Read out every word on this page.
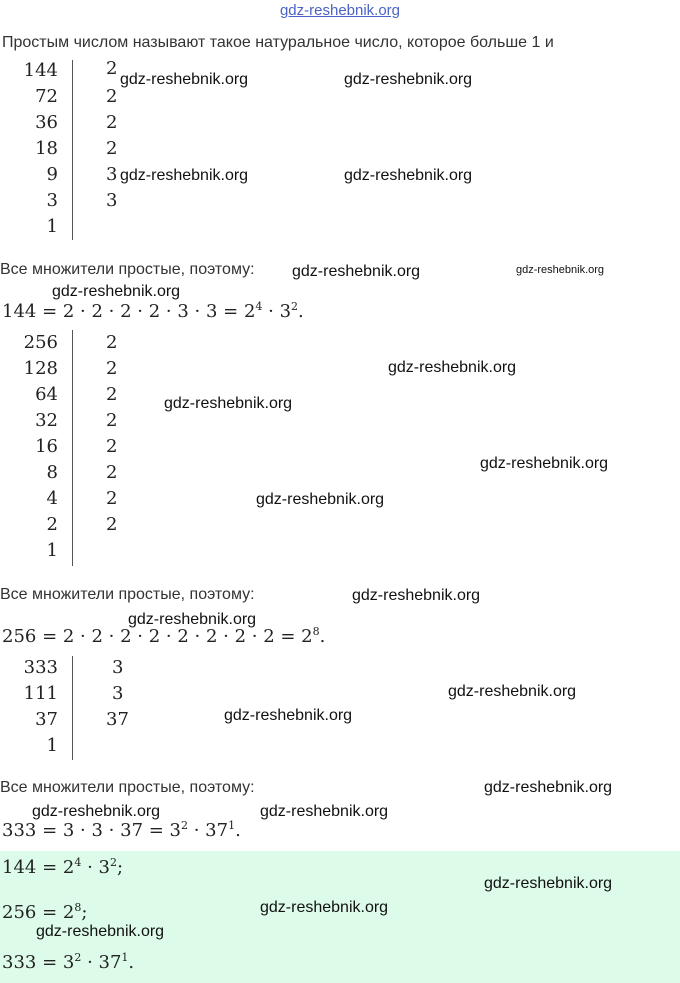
gdz-reshebnik.org
Простым числом называют такое натуральное число, которое больше 1 и
144	2
72	2
36	2
18	2
9	3
3	3
1
Все множители простые, поэтому:
$144 = 2 \cdot 2 \cdot 2 \cdot 2 \cdot 3 \cdot 3 = 2^4 \cdot 3^2$.
256	2
128	2
64	2
32	2
16	2
8	2
4	2
2	2
1
Все множители простые, поэтому:
$256 = 2 \cdot 2 \cdot 2 \cdot 2 \cdot 2 \cdot 2 \cdot 2 \cdot 2 = 2^8$.
333	3
111	3
37	37
1
Все множители простые, поэтому:
$333 = 3 \cdot 3 \cdot 37 = 3^2 \cdot 37^1$.
$144 = 2^4 \cdot 3^2$;
$256 = 2^8$;
$333 = 3^2 \cdot 37^1$.
gdz-reshebnik.org	gdz-reshebnik.org
gdz-reshebnik.org	gdz-reshebnik.org
gdz-reshebnik.org	gdz-reshebnik.org
gdz-reshebnik.org
gdz-reshebnik.org
gdz-reshebnik.org
gdz-reshebnik.org
gdz-reshebnik.org
gdz-reshebnik.org
gdz-reshebnik.org
gdz-reshebnik.org
gdz-reshebnik.org
gdz-reshebnik.org
gdz-reshebnik.org	gdz-reshebnik.org
gdz-reshebnik.org
gdz-reshebnik.org
gdz-reshebnik.org
